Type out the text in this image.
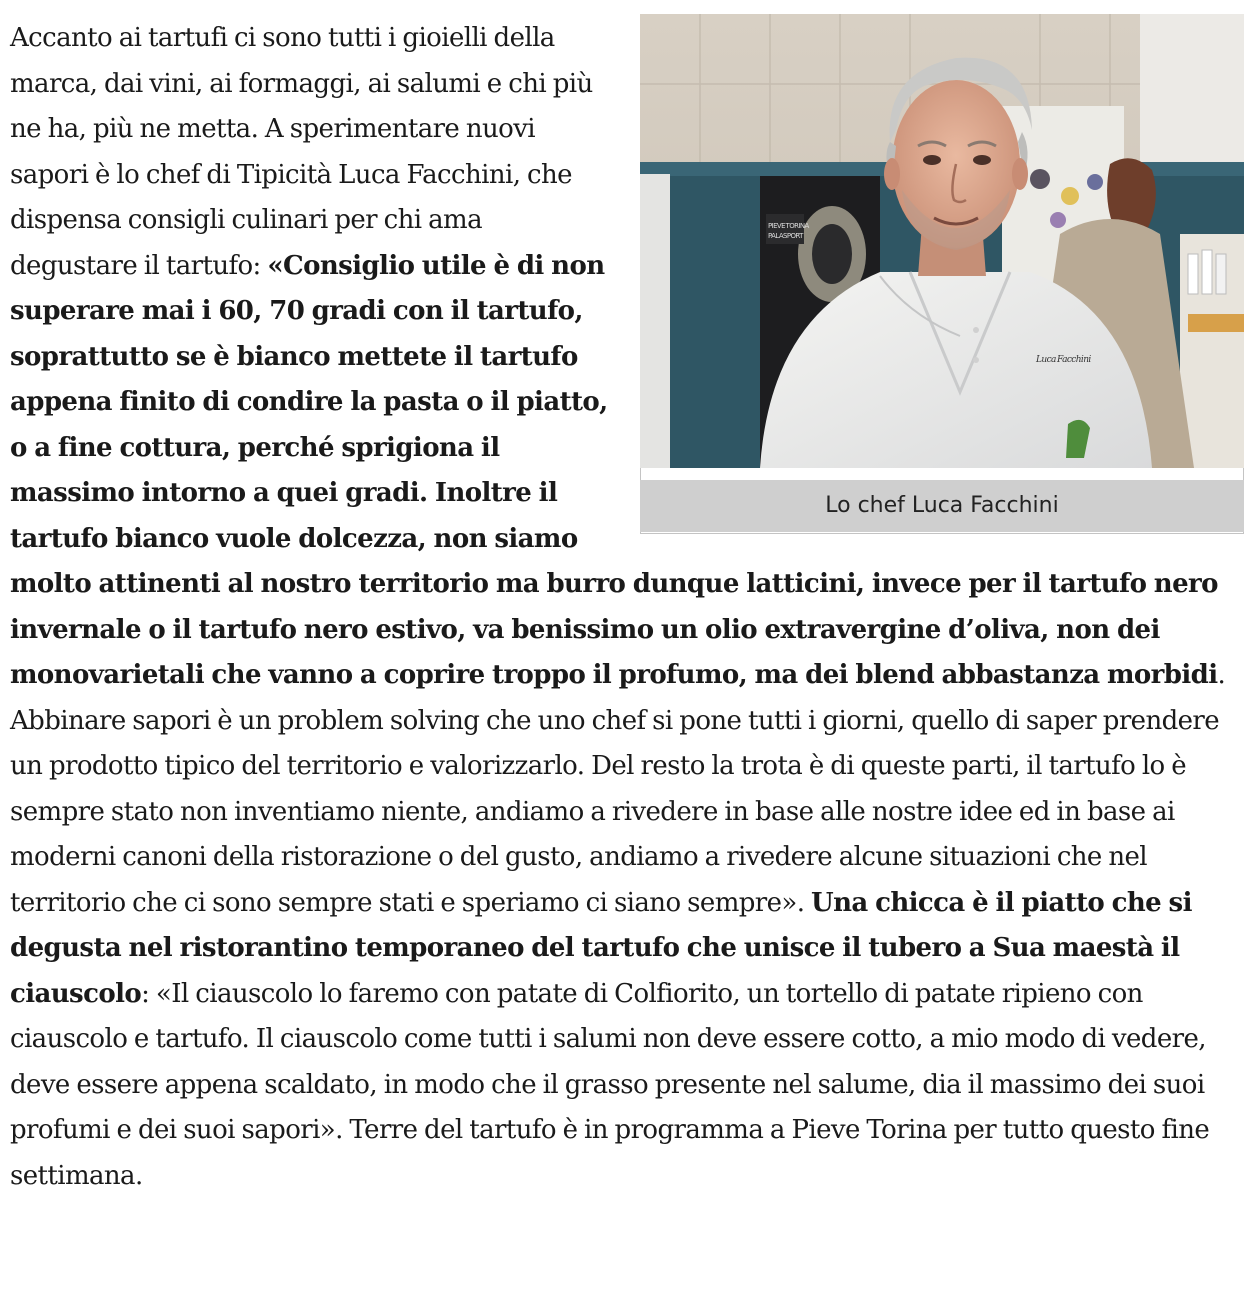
PIEVE TORINA
PALASPORT
Luca Facchini
Lo chef Luca Facchini

Accanto ai tartufi ci sono tutti i gioielli della marca, dai vini, ai formaggi, ai salumi e chi più ne ha, più ne metta. A sperimentare nuovi sapori è lo chef di Tipicità Luca Facchini, che dispensa consigli culinari per chi ama degustare il tartufo: «Consiglio utile è di non superare mai i 60, 70 gradi con il tartufo, soprattutto se è bianco mettete il tartufo appena finito di condire la pasta o il piatto, o a fine cottura, perché sprigiona il massimo intorno a quei gradi. Inoltre il tartufo bianco vuole dolcezza, non siamo molto attinenti al nostro territorio ma burro dunque latticini, invece per il tartufo nero invernale o il tartufo nero estivo, va benissimo un olio extravergine d’oliva, non dei monovarietali che vanno a coprire troppo il profumo, ma dei blend abbastanza morbidi. Abbinare sapori è un problem solving che uno chef si pone tutti i giorni, quello di saper prendere un prodotto tipico del territorio e valorizzarlo. Del resto la trota è di queste parti, il tartufo lo è sempre stato non inventiamo niente, andiamo a rivedere in base alle nostre idee ed in base ai moderni canoni della ristorazione o del gusto, andiamo a rivedere alcune situazioni che nel territorio che ci sono sempre stati e speriamo ci siano sempre». Una chicca è il piatto che si degusta nel ristorantino temporaneo del tartufo che unisce il tubero a Sua maestà il ciauscolo: «Il ciauscolo lo faremo con patate di Colfiorito, un tortello di patate ripieno con ciauscolo e tartufo. Il ciauscolo come tutti i salumi non deve essere cotto, a mio modo di vedere, deve essere appena scaldato, in modo che il grasso presente nel salume, dia il massimo dei suoi profumi e dei suoi sapori». Terre del tartufo è in programma a Pieve Torina per tutto questo fine settimana.
